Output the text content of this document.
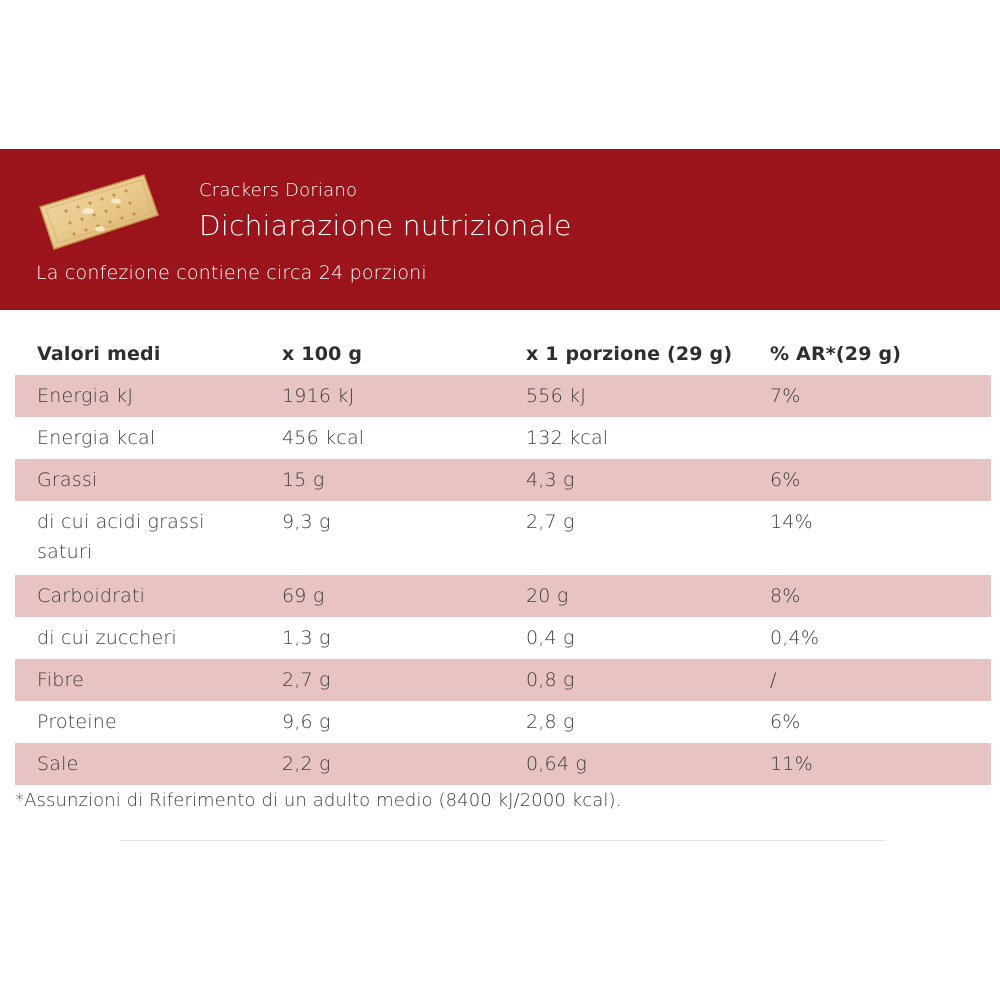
Crackers Doriano
Dichiarazione nutrizionale
La confezione contiene circa 24 porzioni
Valori medi	x 100 g	x 1 porzione (29 g)	% AR*(29 g)
Energia kJ	1916 kJ	556 kJ	7%
Energia kcal	456 kcal	132 kcal	
Grassi	15 g	4,3 g	6%
di cui acidi grassi saturi	9,3 g	2,7 g	14%
Carboidrati	69 g	20 g	8%
di cui zuccheri	1,3 g	0,4 g	0,4%
Fibre	2,7 g	0,8 g	/
Proteine	9,6 g	2,8 g	6%
Sale	2,2 g	0,64 g	11%
*Assunzioni di Riferimento di un adulto medio (8400 kJ/2000 kcal).
